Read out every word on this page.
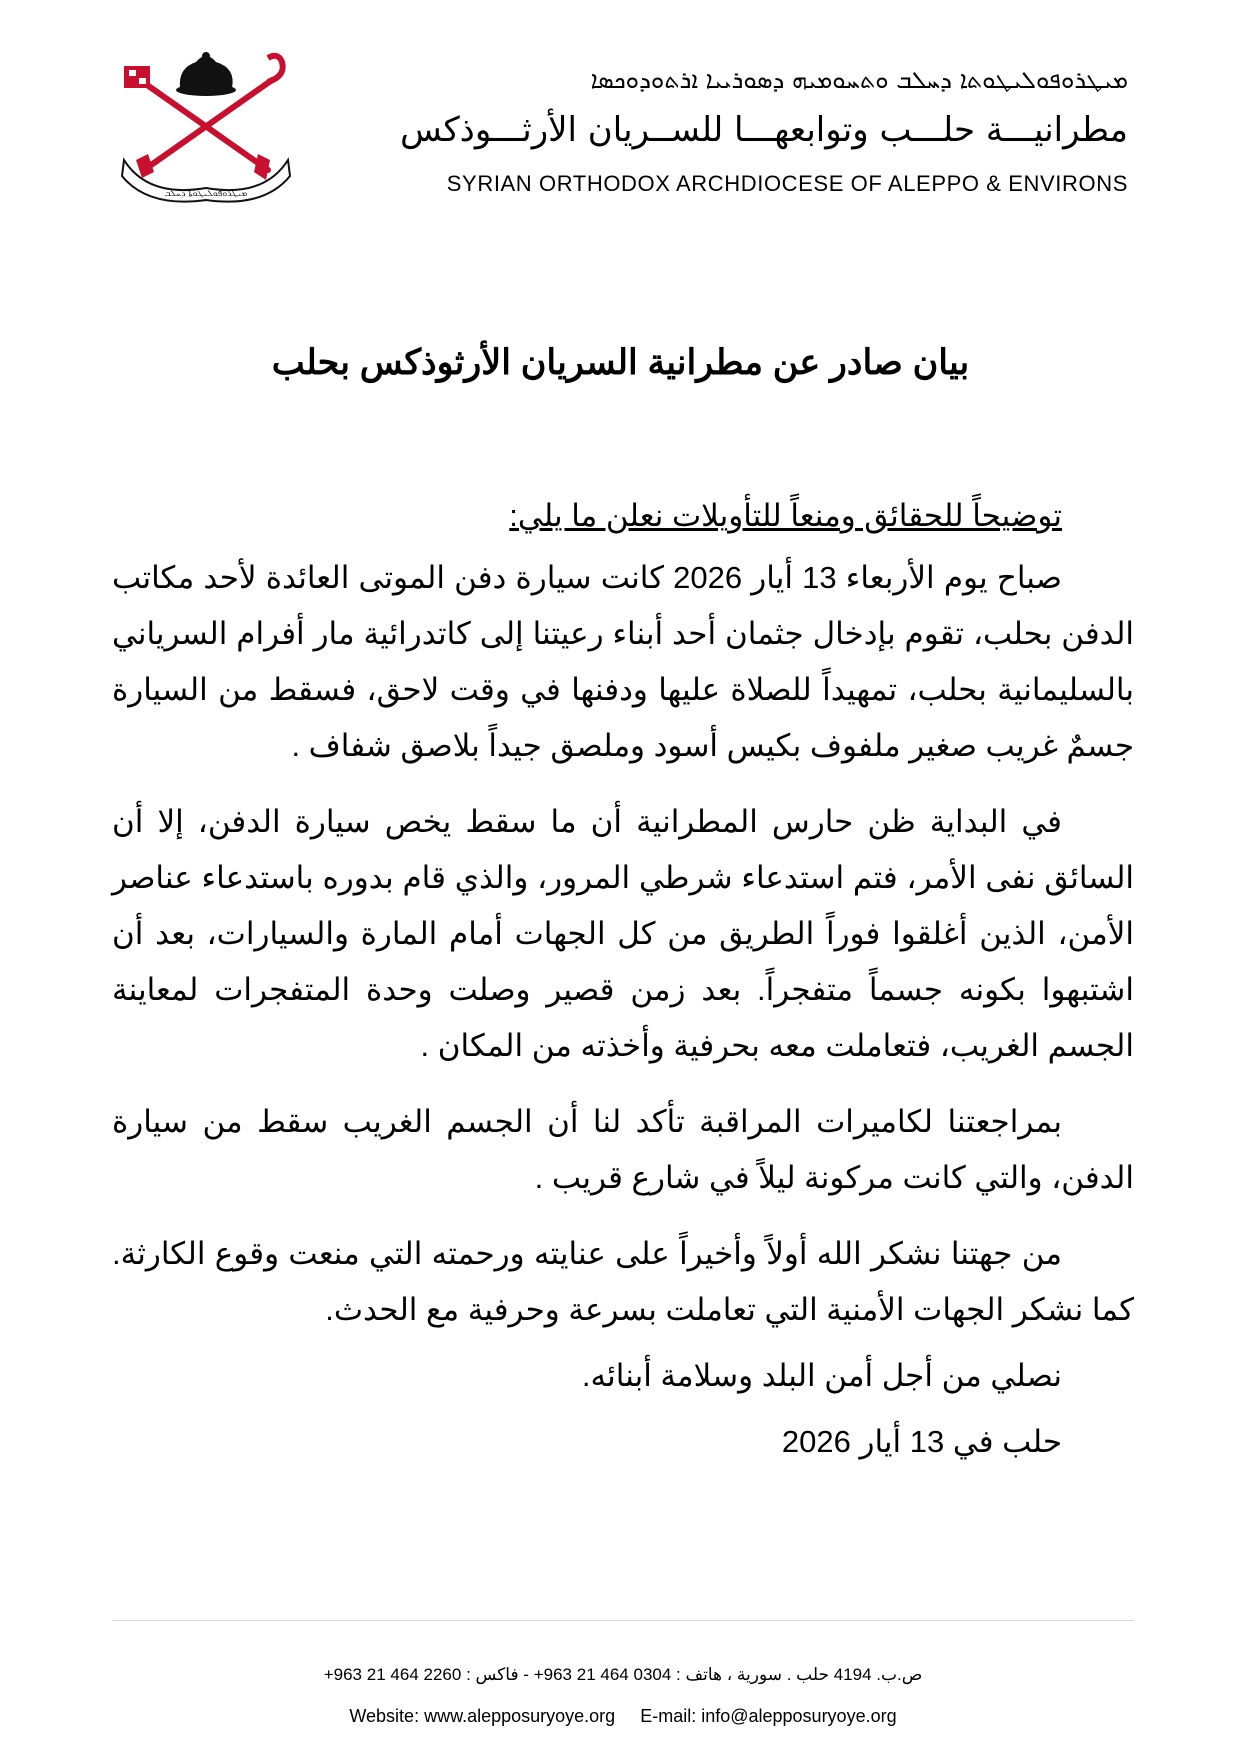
ܡܝܛܪܘܦܘܠܝܛܘܬܐ ܕܚܠܒ
ܡܝܛܪܘܦܘܠܝܛܘܬܐ ܕܚܠܒ ܘܬܚܘܡܝܗ ܕܣܘܪܝܝܐ ܐܪܬܘܕܘܟܣܐ
مطرانيـــة حلـــب وتوابعهـــا للســريان الأرثـــوذكس
SYRIAN ORTHODOX ARCHDIOCESE OF ALEPPO & ENVIRONS
بيان صادر عن مطرانية السريان الأرثوذكس بحلب

توضيحاً للحقائق ومنعاً للتأويلات نعلن ما يلي:

صباح يوم الأربعاء 13 أيار 2026 كانت سيارة دفن الموتى العائدة لأحد مكاتب الدفن بحلب، تقوم بإدخال جثمان أحد أبناء رعيتنا إلى كاتدرائية مار أفرام السرياني بالسليمانية بحلب، تمهيداً للصلاة عليها ودفنها في وقت لاحق، فسقط من السيارة جسمٌ غريب صغير ملفوف بكيس أسود وملصق جيداً بلاصق شفاف .

في البداية ظن حارس المطرانية أن ما سقط يخص سيارة الدفن، إلا أن السائق نفى الأمر، فتم استدعاء شرطي المرور، والذي قام بدوره باستدعاء عناصر الأمن، الذين أغلقوا فوراً الطريق من كل الجهات أمام المارة والسيارات، بعد أن اشتبهوا بكونه جسماً متفجراً. بعد زمن قصير وصلت وحدة المتفجرات لمعاينة الجسم الغريب، فتعاملت معه بحرفية وأخذته من المكان .

بمراجعتنا لكاميرات المراقبة تأكد لنا أن الجسم الغريب سقط من سيارة الدفن، والتي كانت مركونة ليلاً في شارع قريب .

من جهتنا نشكر الله أولاً وأخيراً على عنايته ورحمته التي منعت وقوع الكارثة. كما نشكر الجهات الأمنية التي تعاملت بسرعة وحرفية مع الحدث.

نصلي من أجل أمن البلد وسلامة أبنائه.

حلب في 13 أيار 2026

ص.ب. 4194 حلب . سورية ، هاتف : 0304 464 21 963+ - فاكس : 2260 464 21 963+
Website: www.alepposuryoye.org E-mail: info@alepposuryoye.org
